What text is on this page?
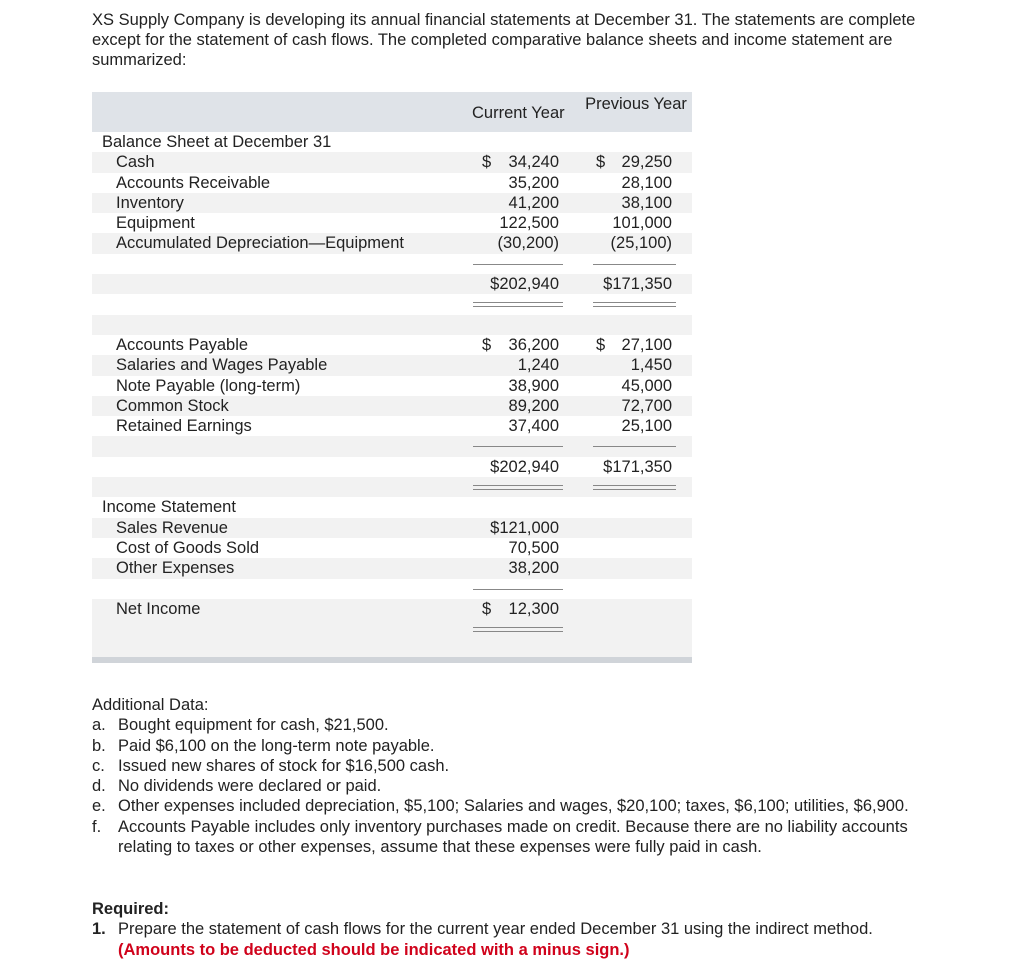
XS Supply Company is developing its annual financial statements at December 31. The statements are complete except for the statement of cash flows. The completed comparative balance sheets and income statement are summarized:

Current Year	Previous Year
Balance Sheet at December 31
Cash	$	34,240 $ 29,250
Accounts Receivable	35,200	28,100
Inventory	41,200	38,100
Equipment	122,500	101,000
Accumulated Depreciation—Equipment	(30,200)	(25,100)
$202,940	$171,350
Accounts Payable	$	36,200 $ 27,100
Salaries and Wages Payable	1,240	1,450
Note Payable (long-term)	38,900	45,000
Common Stock	89,200	72,700
Retained Earnings	37,400	25,100
$202,940	$171,350
Income Statement
Sales Revenue	$121,000
Cost of Goods Sold	70,500
Other Expenses	38,200
Net Income	$	12,300
Additional Data:
a. Bought equipment for cash, $21,500.
b. Paid $6,100 on the long-term note payable.
c. Issued new shares of stock for $16,500 cash.
d. No dividends were declared or paid.
e. Other expenses included depreciation, $5,100; Salaries and wages, $20,100; taxes, $6,100; utilities, $6,900.
f. Accounts Payable includes only inventory purchases made on credit. Because there are no liability accounts relating to taxes or other expenses, assume that these expenses were fully paid in cash.
Required:
1. Prepare the statement of cash flows for the current year ended December 31 using the indirect method.
(Amounts to be deducted should be indicated with a minus sign.)
